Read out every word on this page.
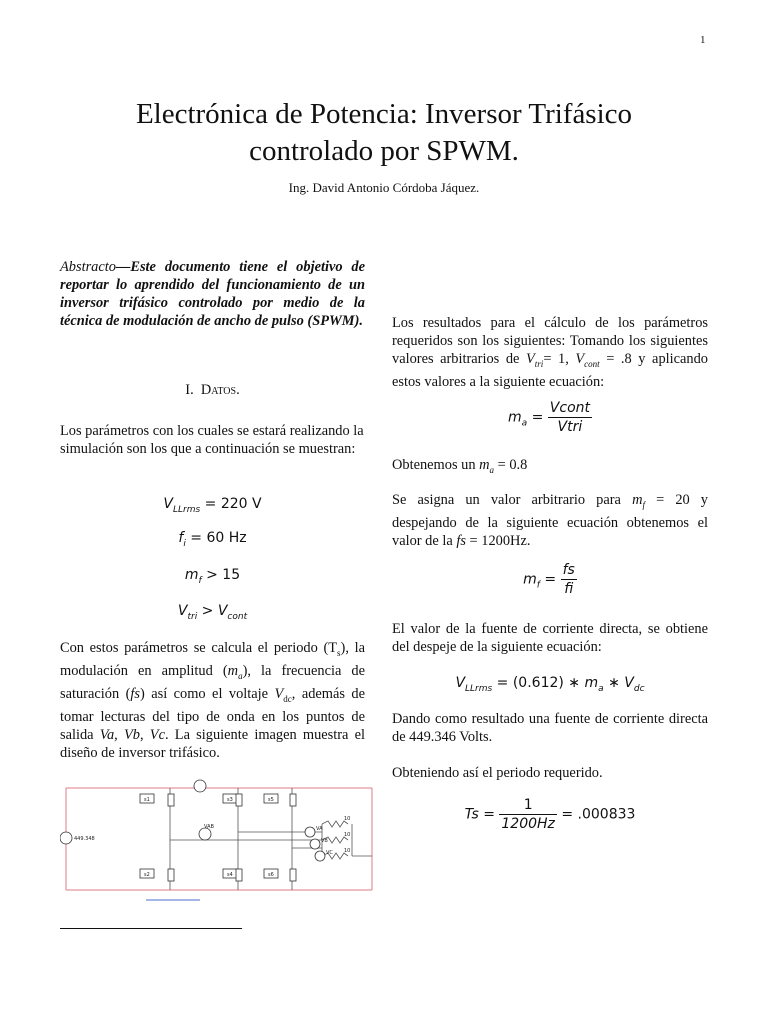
1
Electrónica de Potencia: Inversor Trifásico
controlado por SPWM.
Ing. David Antonio Córdoba Jáquez.
Abstracto—Este documento tiene el objetivo de reportar lo aprendido del funcionamiento de un inversor trifásico controlado por medio de la técnica de modulación de ancho de pulso (SPWM).
I. Datos.
Los parámetros con los cuales se estará realizando la simulación son los que a continuación se muestran:
$V_{LLrms} = 220$ V
$f_i = 60$ Hz
$m_f > 15$
$V_{tri} > V_{cont}$
Con estos parámetros se calcula el periodo $(T_s)$, la modulación en amplitud $(m_a)$, la frecuencia de saturación (fs) así como el voltaje $V_{dc}$, además de tomar lecturas del tipo de onda en los puntos de salida Va, Vb, Vc. La siguiente imagen muestra el diseño de inversor trifásico.
449.348
s1	s3	s5
s2	s4	s6
VAB	VA
VB
VC
10
10
10
Los resultados para el cálculo de los parámetros requeridos son los siguientes: Tomando los siguientes valores arbitrarios de $V_{tri}= 1$, $V_{cont} = .8$ y aplicando estos valores a la siguiente ecuación:
$m_a = \frac{\text{Vcont}}{\text{Vtri}}$
Obtenemos un $m_a = 0.8$
Se asigna un valor arbitrario para $m_f = 20$ y despejando de la siguiente ecuación obtenemos el valor de la fs = 1200Hz.
$m_f = \frac{fs}{fi}$
El valor de la fuente de corriente directa, se obtiene del despeje de la siguiente ecuación:
$V_{LLrms} = (0.612)$ ∗ $m_a$ ∗ $V_{dc}$
Dando como resultado una fuente de corriente directa de 449.346 Volts.
Obteniendo así el periodo requerido.
$Ts = \frac{1}{1200Hz} = .000833$
